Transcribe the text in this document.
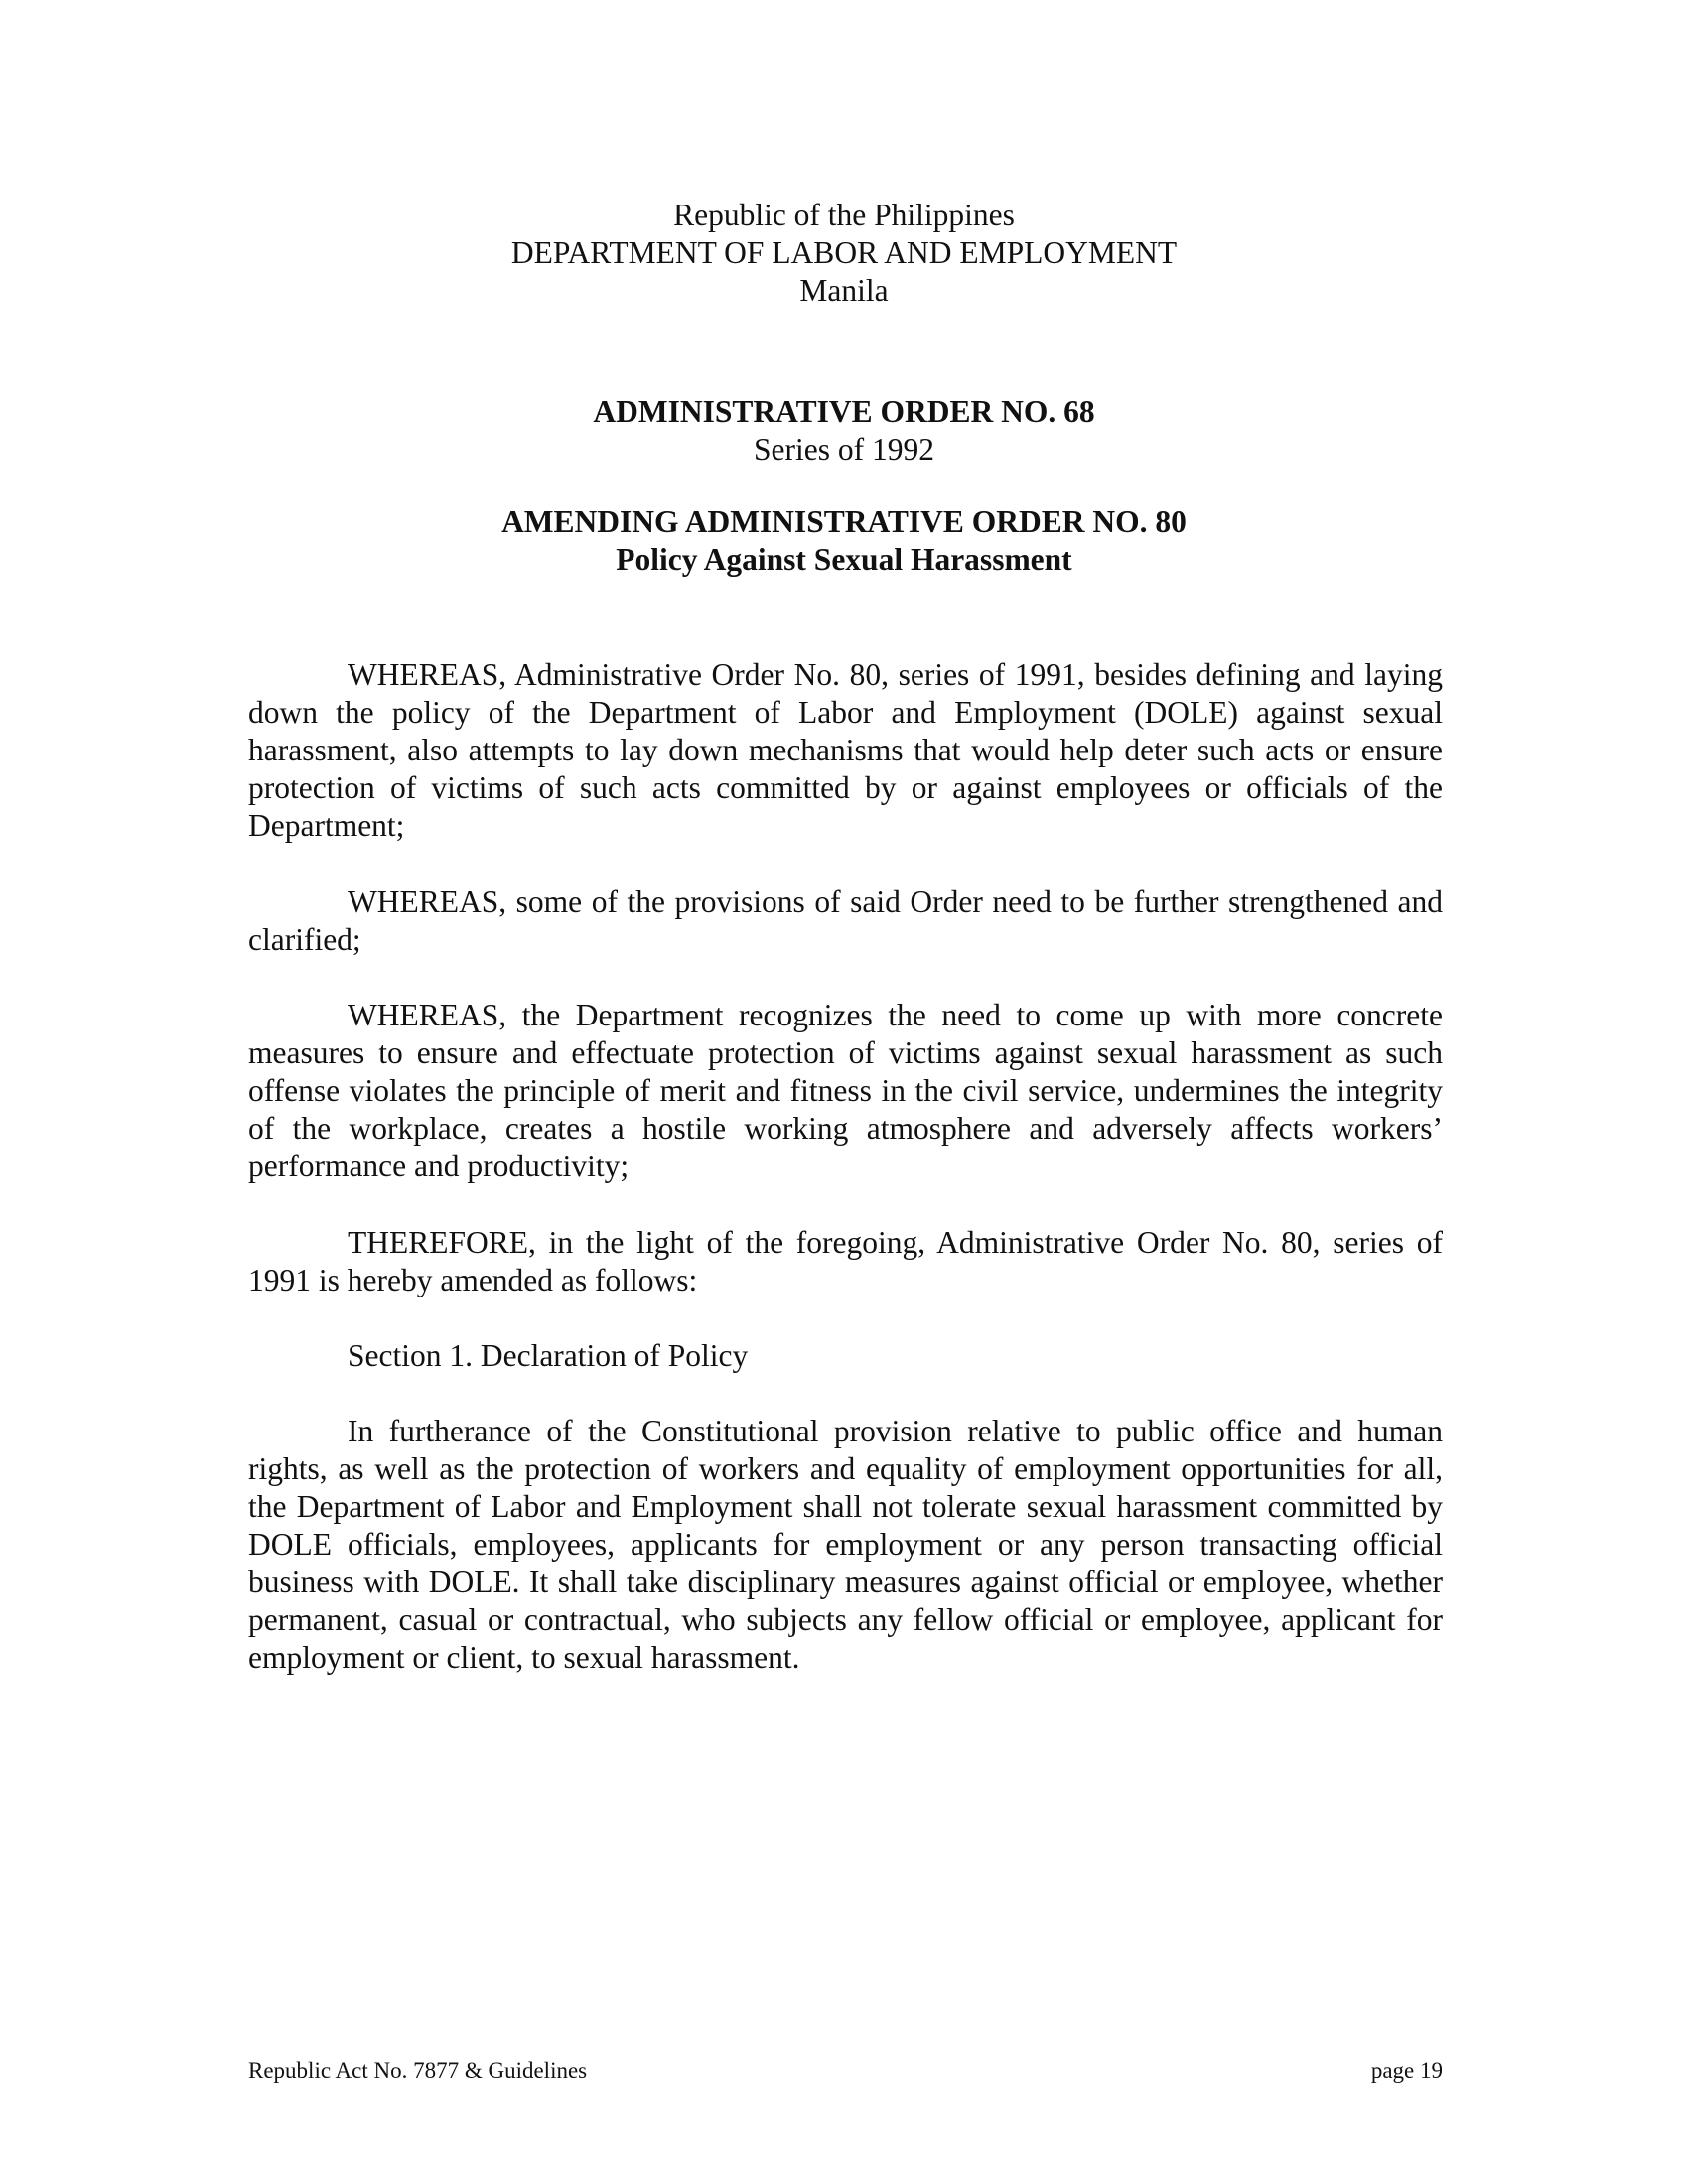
Republic of the Philippines
DEPARTMENT OF LABOR AND EMPLOYMENT
Manila
ADMINISTRATIVE ORDER NO. 68
Series of 1992
AMENDING ADMINISTRATIVE ORDER NO. 80
Policy Against Sexual Harassment

WHEREAS, Administrative Order No. 80, series of 1991, besides defining and laying down the policy of the Department of Labor and Employment (DOLE) against sexual harassment, also attempts to lay down mechanisms that would help deter such acts or ensure protection of victims of such acts committed by or against employees or officials of the Department;

WHEREAS, some of the provisions of said Order need to be further strengthened and clarified;

WHEREAS, the Department recognizes the need to come up with more concrete measures to ensure and effectuate protection of victims against sexual harassment as such offense violates the principle of merit and fitness in the civil service, undermines the integrity of the workplace, creates a hostile working atmosphere and adversely affects workers’ performance and productivity;

THEREFORE, in the light of the foregoing, Administrative Order No. 80, series of 1991 is hereby amended as follows:

Section 1. Declaration of Policy

In furtherance of the Constitutional provision relative to public office and human rights, as well as the protection of workers and equality of employment opportunities for all, the Department of Labor and Employment shall not tolerate sexual harassment committed by DOLE officials, employees, applicants for employment or any person transacting official business with DOLE. It shall take disciplinary measures against official or employee, whether permanent, casual or contractual, who subjects any fellow official or employee, applicant for employment or client, to sexual harassment.

Republic Act No. 7877 & Guidelines	page 19
